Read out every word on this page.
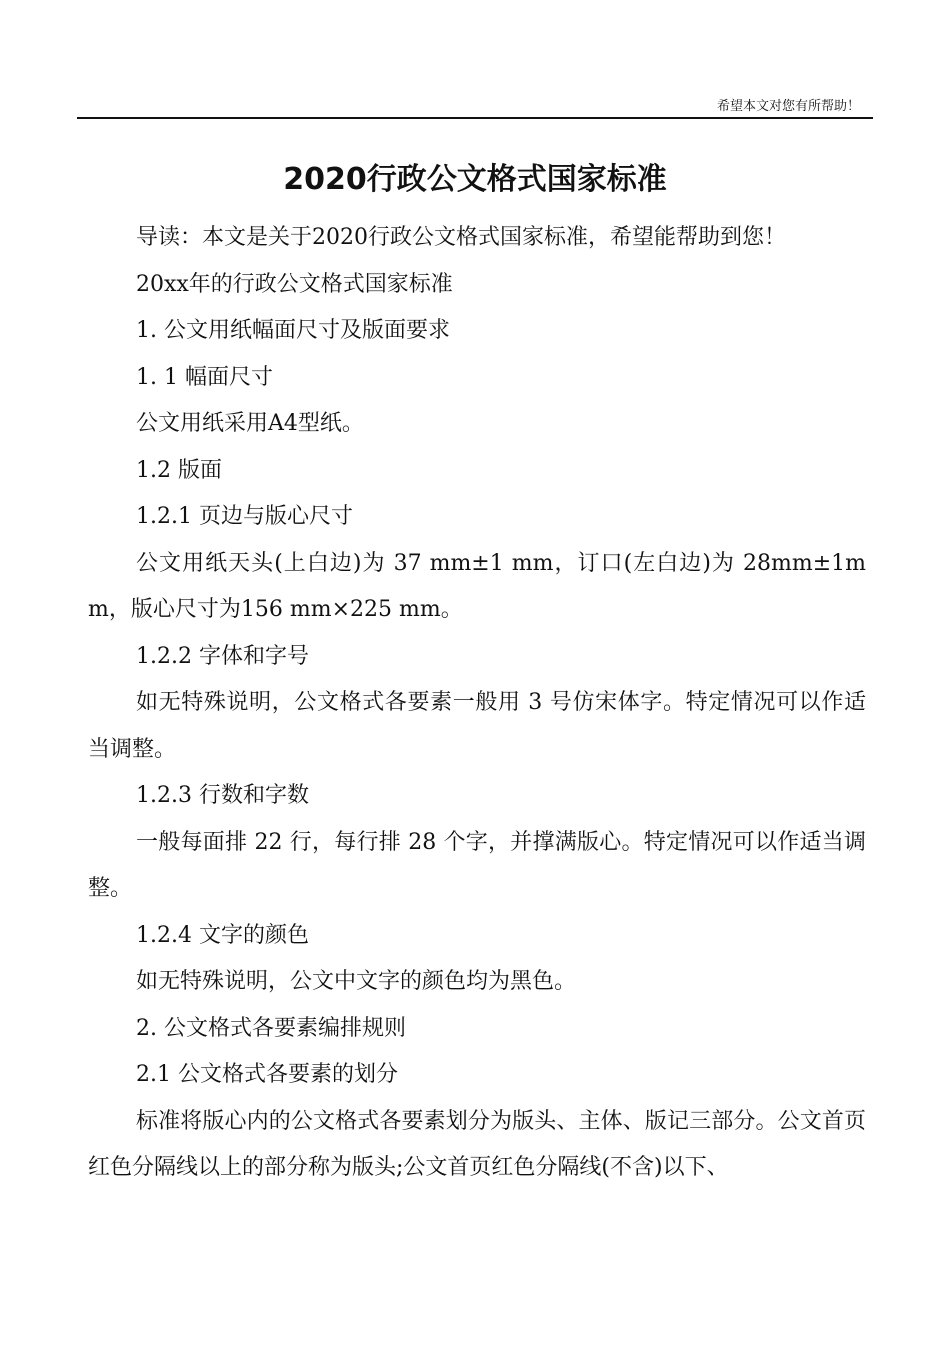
希望本文对您有所帮助！
2020行政公文格式国家标准

导读：本文是关于2020行政公文格式国家标准，希望能帮助到您！

20xx年的行政公文格式国家标准

1. 公文用纸幅面尺寸及版面要求

1. 1 幅面尺寸

公文用纸采用A4型纸。

1.2 版面

1.2.1 页边与版心尺寸

公文用纸天头(上白边)为 37 mm±1 mm，订口(左白边)为 28mm±1mm，版心尺寸为156 mm×225 mm。

1.2.2 字体和字号

如无特殊说明，公文格式各要素一般用 3 号仿宋体字。特定情况可以作适当调整。

1.2.3 行数和字数

一般每面排 22 行，每行排 28 个字，并撑满版心。特定情况可以作适当调整。

1.2.4 文字的颜色

如无特殊说明，公文中文字的颜色均为黑色。

2. 公文格式各要素编排规则

2.1 公文格式各要素的划分

标准将版心内的公文格式各要素划分为版头、主体、版记三部分。公文首页红色分隔线以上的部分称为版头;公文首页红色分隔线(不含)以下、
